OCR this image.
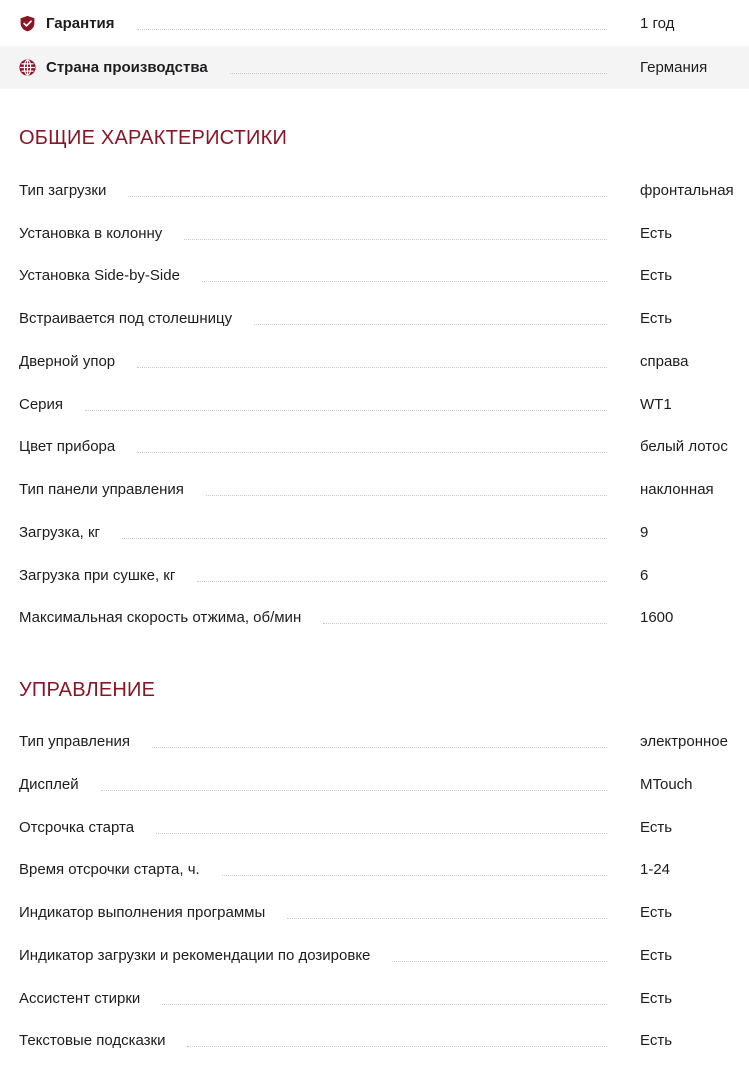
Гарантия	1 год
Страна производства	Германия
ОБЩИЕ ХАРАКТЕРИСТИКИ
Тип загрузки	фронтальная
Установка в колонну	Есть
Установка Side-by-Side	Есть
Встраивается под столешницу	Есть
Дверной упор	справа
Серия	WT1
Цвет прибора	белый лотос
Тип панели управления	наклонная
Загрузка, кг	9
Загрузка при сушке, кг	6
Максимальная скорость отжима, об/мин	1600
УПРАВЛЕНИЕ
Тип управления	электронное
Дисплей	MTouch
Отсрочка старта	Есть
Время отсрочки старта, ч.	1-24
Индикатор выполнения программы	Есть
Индикатор загрузки и рекомендации по дозировке	Есть
Ассистент стирки	Есть
Текстовые подсказки	Есть
